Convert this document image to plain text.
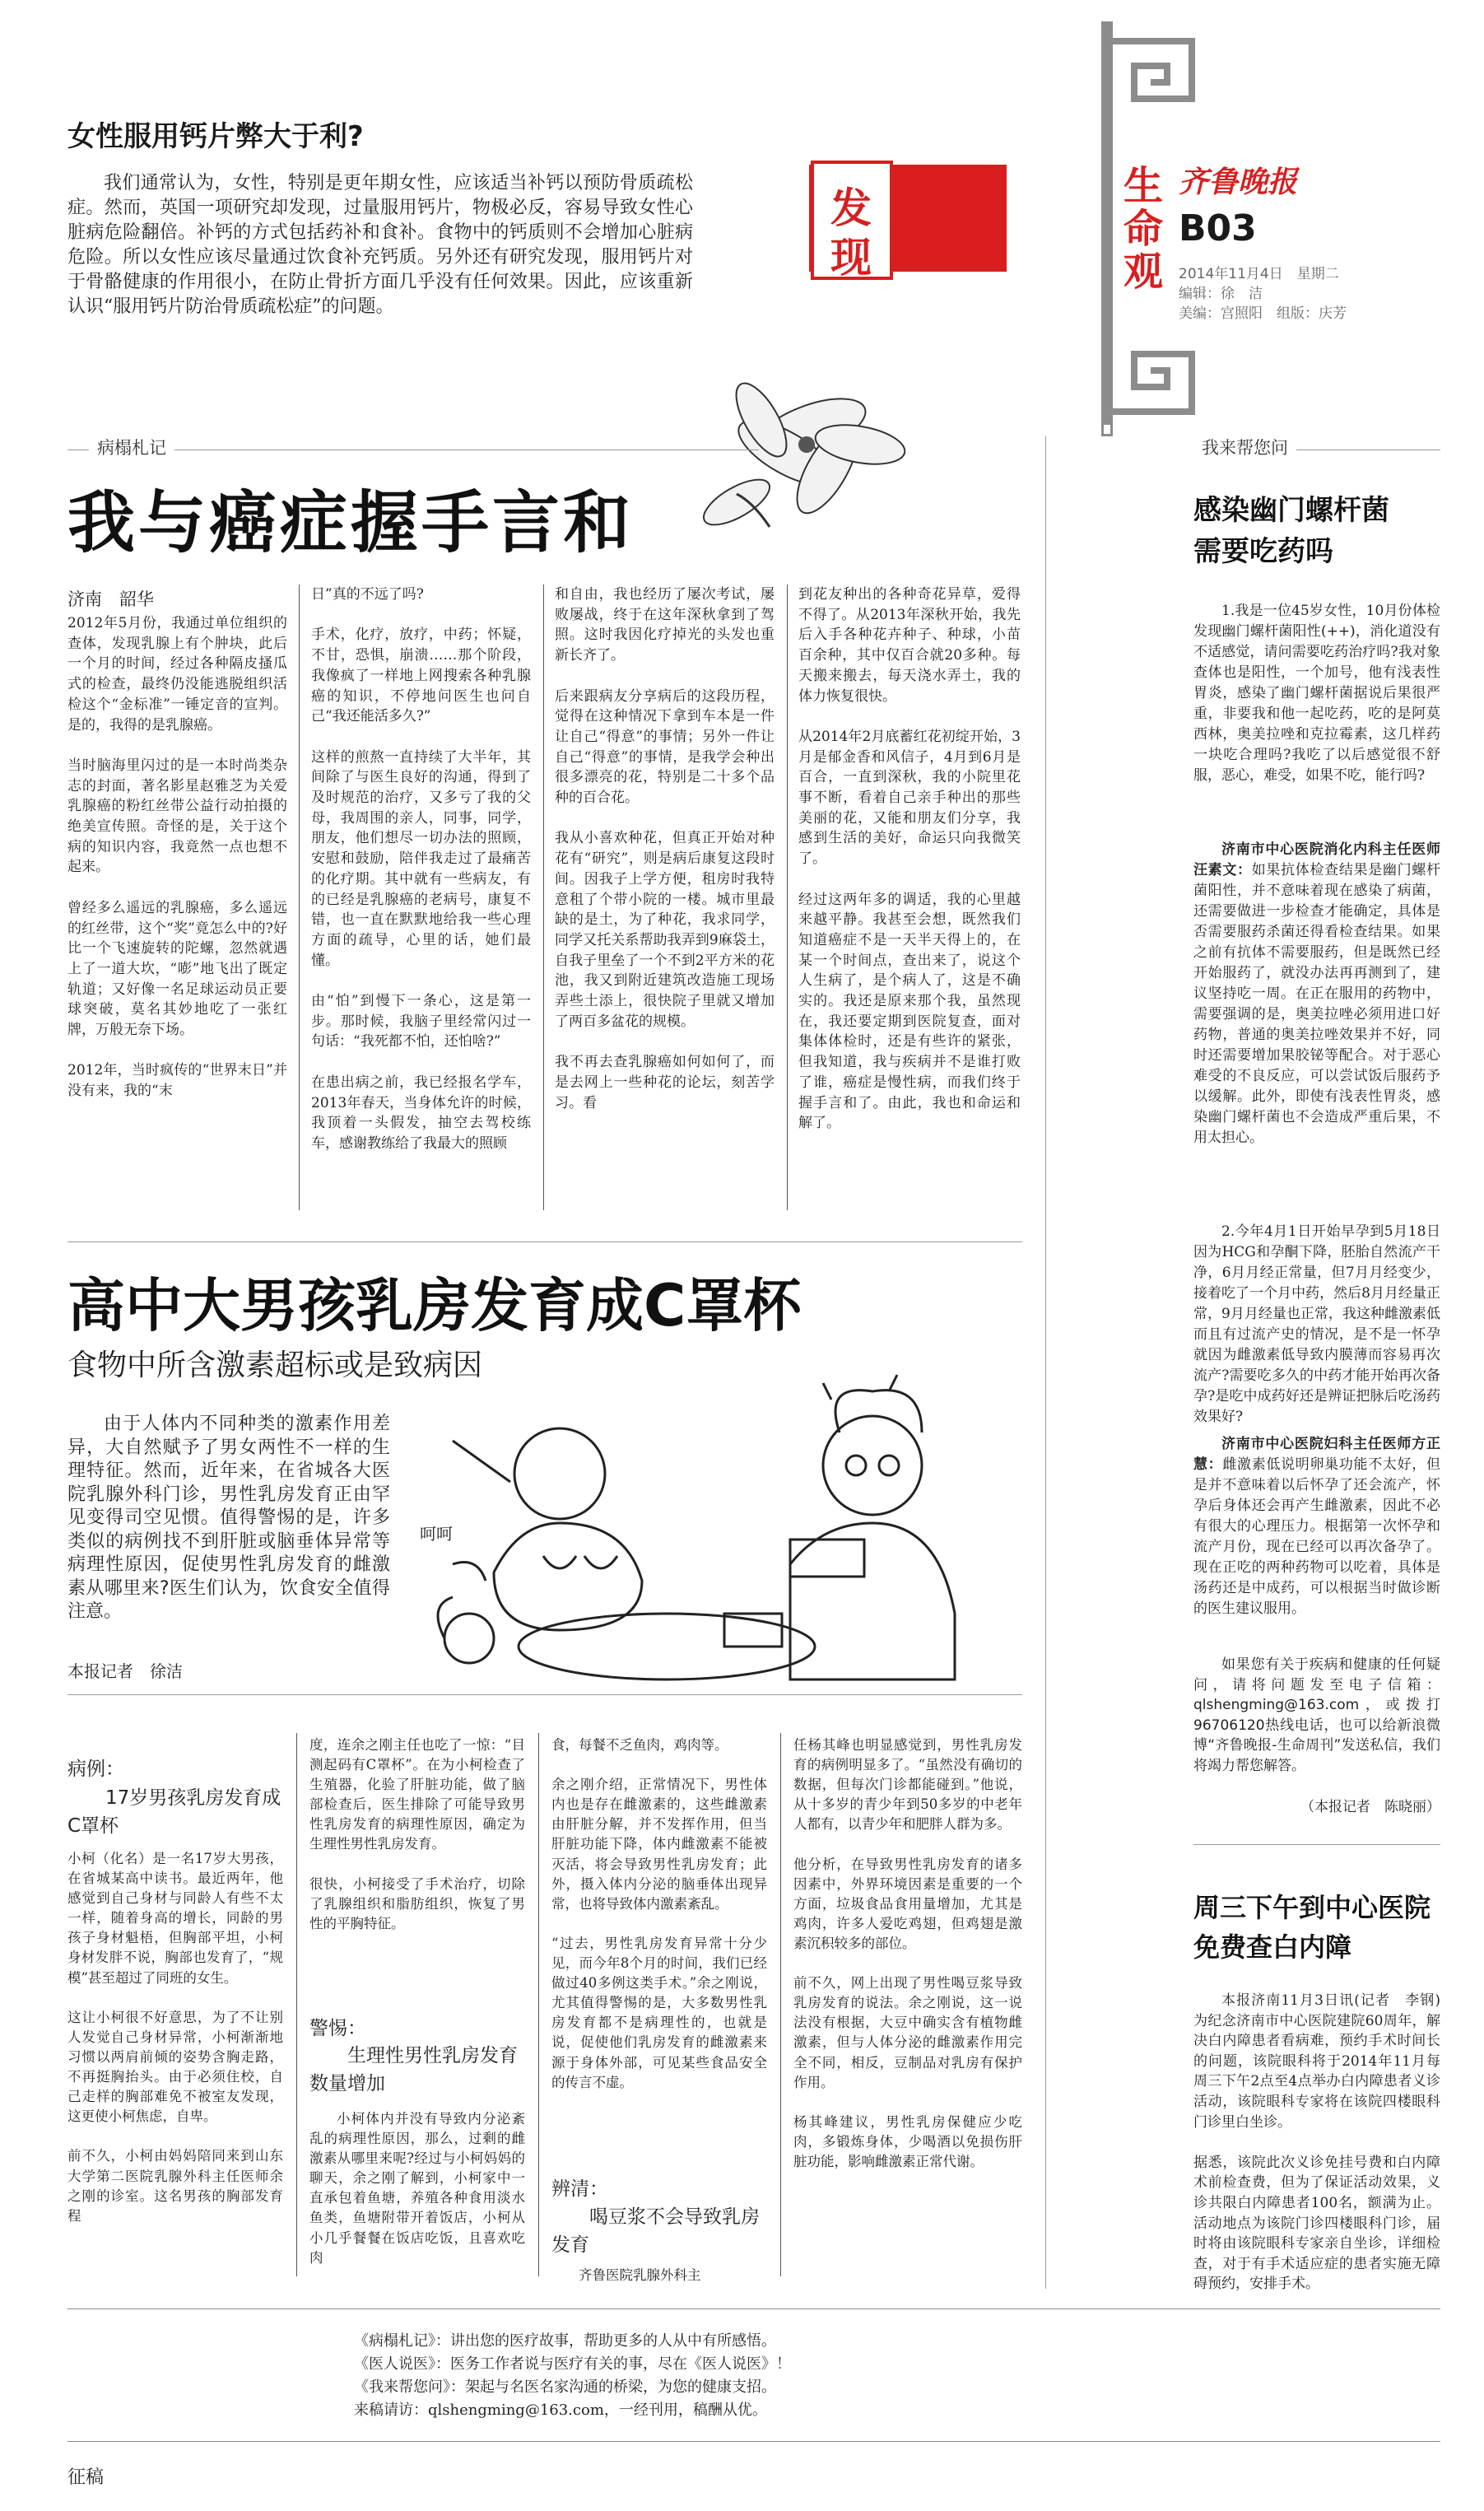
发
现
生命观
齐鲁晚报
B03
2014年11月4日　星期二
编辑：徐　洁
美编：宫照阳　组版：庆芳
女性服用钙片弊大于利?

我们通常认为，女性，特别是更年期女性，应该适当补钙以预防骨质疏松症。然而，英国一项研究却发现，过量服用钙片，物极必反，容易导致女性心脏病危险翻倍。补钙的方式包括药补和食补。食物中的钙质则不会增加心脏病危险。所以女性应该尽量通过饮食补充钙质。另外还有研究发现，服用钙片对于骨骼健康的作用很小，在防止骨折方面几乎没有任何效果。因此，应该重新认识“服用钙片防治骨质疏松症”的问题。

病榻札记
我与癌症握手言和
济南　韶华

2012年5月份，我通过单位组织的查体，发现乳腺上有个肿块，此后一个月的时间，经过各种隔皮搔瓜式的检查，最终仍没能逃脱组织活检这个“金标准”一锤定音的宣判。是的，我得的是乳腺癌。

当时脑海里闪过的是一本时尚类杂志的封面，著名影星赵雅芝为关爱乳腺癌的粉红丝带公益行动拍摄的绝美宣传照。奇怪的是，关于这个病的知识内容，我竟然一点也想不起来。

曾经多么遥远的乳腺癌，多么遥远的红丝带，这个“奖”竟怎么中的?好比一个飞速旋转的陀螺，忽然就遇上了一道大坎，“嘭”地飞出了既定轨道；又好像一名足球运动员正要球突破，莫名其妙地吃了一张红牌，万般无奈下场。

2012年，当时疯传的“世界末日”并没有来，我的“末

日”真的不远了吗?

手术，化疗，放疗，中药；怀疑，不甘，恐惧，崩溃……那个阶段，我像疯了一样地上网搜索各种乳腺癌的知识，不停地问医生也问自己“我还能活多久?”

这样的煎熬一直持续了大半年，其间除了与医生良好的沟通，得到了及时规范的治疗，又多亏了我的父母，我周围的亲人，同事，同学，朋友，他们想尽一切办法的照顾，安慰和鼓励，陪伴我走过了最痛苦的化疗期。其中就有一些病友，有的已经是乳腺癌的老病号，康复不错，也一直在默默地给我一些心理方面的疏导，心里的话，她们最懂。

由“怕”到慢下一条心，这是第一步。那时候，我脑子里经常闪过一句话：“我死都不怕，还怕啥?”

在患出病之前，我已经报名学车，2013年春天，当身体允许的时候，我顶着一头假发，抽空去驾校练车，感谢教练给了我最大的照顾

和自由，我也经历了屡次考试，屡败屡战，终于在这年深秋拿到了驾照。这时我因化疗掉光的头发也重新长齐了。

后来跟病友分享病后的这段历程，觉得在这种情况下拿到车本是一件让自己“得意”的事情；另外一件让自己“得意”的事情，是我学会种出很多漂亮的花，特别是二十多个品种的百合花。

我从小喜欢种花，但真正开始对种花有“研究”，则是病后康复这段时间。因我子上学方便，租房时我特意租了个带小院的一楼。城市里最缺的是土，为了种花，我求同学，同学又托关系帮助我弄到9麻袋土，自我子里垒了一个不到2平方米的花池，我又到附近建筑改造施工现场弄些土添上，很快院子里就又增加了两百多盆花的规模。

我不再去查乳腺癌如何如何了，而是去网上一些种花的论坛，刻苦学习。看

到花友种出的各种奇花异草，爱得不得了。从2013年深秋开始，我先后入手各种花卉种子、种球，小苗百余种，其中仅百合就20多种。每天搬来搬去，每天浇水弄土，我的体力恢复很快。

从2014年2月底蓄红花初绽开始，3月是郁金香和风信子，4月到6月是百合，一直到深秋，我的小院里花事不断，看着自己亲手种出的那些美丽的花，又能和朋友们分享，我感到生活的美好，命运只向我微笑了。

经过这两年多的调适，我的心里越来越平静。我甚至会想，既然我们知道癌症不是一天半天得上的，在某一个时间点，查出来了，说这个人生病了，是个病人了，这是不确实的。我还是原来那个我，虽然现在，我还要定期到医院复查，面对集体体检时，还是有些许的紧张，但我知道，我与疾病并不是谁打败了谁，癌症是慢性病，而我们终于握手言和了。由此，我也和命运和解了。

高中大男孩乳房发育成C罩杯
食物中所含激素超标或是致病因

由于人体内不同种类的激素作用差异，大自然赋予了男女两性不一样的生理特征。然而，近年来，在省城各大医院乳腺外科门诊，男性乳房发育正由罕见变得司空见惯。值得警惕的是，许多类似的病例找不到肝脏或脑垂体异常等病理性原因，促使男性乳房发育的雌激素从哪里来?医生们认为，饮食安全值得注意。

本报记者　徐洁
呵呵
病例：
17岁男孩乳房发育成C罩杯

小柯（化名）是一名17岁大男孩，在省城某高中读书。最近两年，他感觉到自己身材与同龄人有些不太一样，随着身高的增长，同龄的男孩子身材魁梧，但胸部平坦，小柯身材发胖不说，胸部也发育了，“规模”甚至超过了同班的女生。

这让小柯很不好意思，为了不让别人发觉自己身材异常，小柯渐渐地习惯以两肩前倾的姿势含胸走路，不再挺胸抬头。由于必须住校，自己走样的胸部难免不被室友发现，这更使小柯焦虑，自卑。

前不久，小柯由妈妈陪同来到山东大学第二医院乳腺外科主任医师余之刚的诊室。这名男孩的胸部发育程

度，连余之刚主任也吃了一惊：“目测起码有C罩杯”。在为小柯检查了生殖器，化验了肝脏功能，做了脑部检查后，医生排除了可能导致男性乳房发育的病理性原因，确定为生理性男性乳房发育。

很快，小柯接受了手术治疗，切除了乳腺组织和脂肪组织，恢复了男性的平胸特征。

警惕：
生理性男性乳房发育数量增加

小柯体内并没有导致内分泌紊乱的病理性原因，那么，过剩的雌激素从哪里来呢?经过与小柯妈妈的聊天，余之刚了解到，小柯家中一直承包着鱼塘，养殖各种食用淡水鱼类，鱼塘附带开着饭店，小柯从小几乎餐餐在饭店吃饭，且喜欢吃肉

食，每餐不乏鱼肉，鸡肉等。

余之刚介绍，正常情况下，男性体内也是存在雌激素的，这些雌激素由肝脏分解，并不发挥作用，但当肝脏功能下降，体内雌激素不能被灭活，将会导致男性乳房发育；此外，摄入体内分泌的脑垂体出现异常，也将导致体内激素紊乱。

“过去，男性乳房发育异常十分少见，而今年8个月的时间，我们已经做过40多例这类手术。”余之刚说，尤其值得警惕的是，大多数男性乳房发育都不是病理性的，也就是说，促使他们乳房发育的雌激素来源于身体外部，可见某些食品安全的传言不虚。

辨清：
喝豆浆不会导致乳房发育

齐鲁医院乳腺外科主

任杨其峰也明显感觉到，男性乳房发育的病例明显多了。“虽然没有确切的数据，但每次门诊都能碰到。”他说，从十多岁的青少年到50多岁的中老年人都有，以青少年和肥胖人群为多。

他分析，在导致男性乳房发育的诸多因素中，外界环境因素是重要的一个方面，垃圾食品食用量增加，尤其是鸡肉，许多人爱吃鸡翅，但鸡翅是激素沉积较多的部位。

前不久，网上出现了男性喝豆浆导致乳房发育的说法。余之刚说，这一说法没有根据，大豆中确实含有植物雌激素，但与人体分泌的雌激素作用完全不同，相反，豆制品对乳房有保护作用。

杨其峰建议，男性乳房保健应少吃肉，多锻炼身体，少喝酒以免损伤肝脏功能，影响雌激素正常代谢。

我来帮您问
感染幽门螺杆菌
需要吃药吗

1.我是一位45岁女性，10月份体检发现幽门螺杆菌阳性(++)，消化道没有不适感觉，请问需要吃药治疗吗?我对象查体也是阳性，一个加号，他有浅表性胃炎，感染了幽门螺杆菌据说后果很严重，非要我和他一起吃药，吃的是阿莫西林，奥美拉唑和克拉霉素，这几样药一块吃合理吗?我吃了以后感觉很不舒服，恶心，难受，如果不吃，能行吗?

济南市中心医院消化内科主任医师汪素文：如果抗体检查结果是幽门螺杆菌阳性，并不意味着现在感染了病菌，还需要做进一步检查才能确定，具体是否需要服药杀菌还得看检查结果。如果之前有抗体不需要服药，但是既然已经开始服药了，就没办法再再测到了，建议坚持吃一周。在正在服用的药物中，需要强调的是，奥美拉唑必须用进口好药物，普通的奥美拉唑效果并不好，同时还需要增加果胶铋等配合。对于恶心难受的不良反应，可以尝试饭后服药予以缓解。此外，即使有浅表性胃炎，感染幽门螺杆菌也不会造成严重后果，不用太担心。

2.今年4月1日开始早孕到5月18日因为HCG和孕酮下降，胚胎自然流产干净，6月月经正常量，但7月月经变少，接着吃了一个月中药，然后8月月经量正常，9月月经量也正常，我这种雌激素低而且有过流产史的情况，是不是一怀孕就因为雌激素低导致内膜薄而容易再次流产?需要吃多久的中药才能开始再次备孕?是吃中成药好还是辨证把脉后吃汤药效果好?

济南市中心医院妇科主任医师方正慧：雌激素低说明卵巢功能不太好，但是并不意味着以后怀孕了还会流产，怀孕后身体还会再产生雌激素，因此不必有很大的心理压力。根据第一次怀孕和流产月份，现在已经可以再次备孕了。现在正吃的两种药物可以吃着，具体是汤药还是中成药，可以根据当时做诊断的医生建议服用。

如果您有关于疾病和健康的任何疑问，请将问题发至电子信箱：qlshengming@163.com，或拨打96706120热线电话，也可以给新浪微博“齐鲁晚报-生命周刊”发送私信，我们将竭力帮您解答。

（本报记者　陈晓丽）
周三下午到中心医院
免费查白内障

本报济南11月3日讯(记者　李钢)　为纪念济南市中心医院建院60周年，解决白内障患者看病难，预约手术时间长的问题，该院眼科将于2014年11月每周三下午2点至4点举办白内障患者义诊活动，该院眼科专家将在该院四楼眼科门诊里白坐诊。

据悉，该院此次义诊免挂号费和白内障术前检查费，但为了保证活动效果，义诊共限白内障患者100名，额满为止。活动地点为该院门诊四楼眼科门诊，届时将由该院眼科专家亲自坐诊，详细检查，对于有手术适应症的患者实施无障碍预约，安排手术。

《病榻札记》：讲出您的医疗故事，帮助更多的人从中有所感悟。
《医人说医》：医务工作者说与医疗有关的事，尽在《医人说医》！
《我来帮您问》：架起与名医名家沟通的桥梁，为您的健康支招。
来稿请访：qlshengming@163.com，一经刊用，稿酬从优。
征稿
